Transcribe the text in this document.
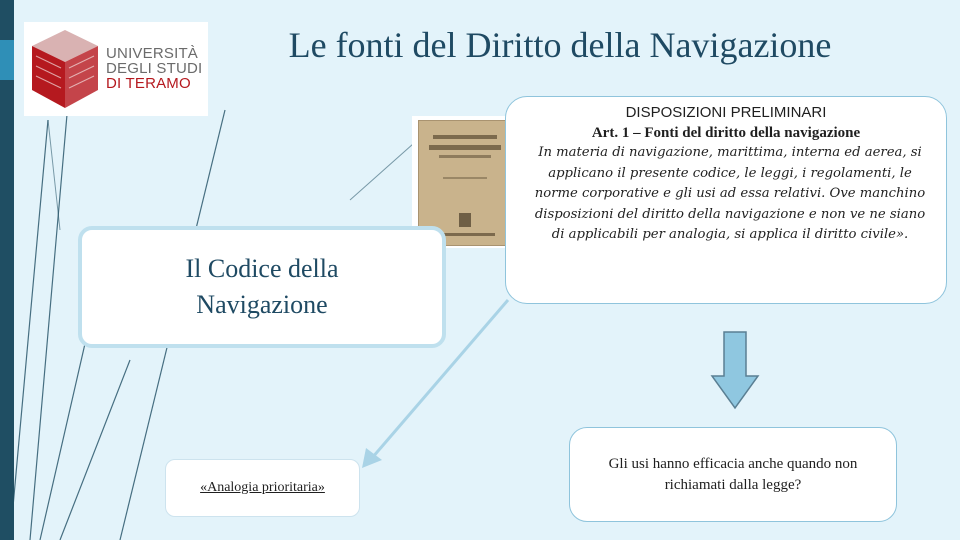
UNIVERSITÀ
DEGLI STUDI
DI TERAMO
Le fonti del Diritto della Navigazione
Il Codice della Navigazione
DISPOSIZIONI PRELIMINARI
Art. 1 – Fonti del diritto della navigazione
In materia di navigazione, marittima, interna ed aerea, si applicano il presente codice, le leggi, i regolamenti, le norme corporative e gli usi ad essa relativi. Ove manchino disposizioni del diritto della navigazione e non ve ne siano di applicabili per analogia, si applica il diritto civile».
Gli usi hanno efficacia anche quando non richiamati dalla legge?
«Analogia prioritaria»
